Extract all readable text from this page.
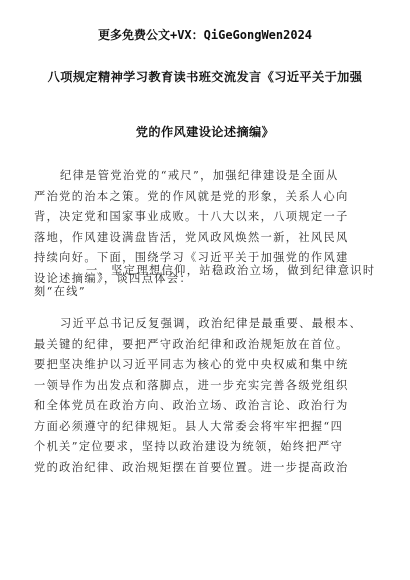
更多免费公文+VX：QiGeGongWen2024
八项规定精神学习教育读书班交流发言《习近平关于加强
党的作风建设论述摘编》
纪律是管党治党的“戒尺”，加强纪律建设是全面从
严治党的治本之策。党的作风就是党的形象，关系人心向
背，决定党和国家事业成败。十八大以来，八项规定一子
落地，作风建设满盘皆活，党风政风焕然一新，社风民风
持续向好。下面，围绕学习《习近平关于加强党的作风建
设论述摘编》，谈四点体会：
一、坚定理想信仰，站稳政治立场，做到纪律意识时
刻“在线”
习近平总书记反复强调，政治纪律是最重要、最根本、
最关键的纪律，要把严守政治纪律和政治规矩放在首位。
要把坚决维护以习近平同志为核心的党中央权威和集中统
一领导作为出发点和落脚点，进一步充实完善各级党组织
和全体党员在政治方向、政治立场、政治言论、政治行为
方面必须遵守的纪律规矩。县人大常委会将牢牢把握“四
个机关”定位要求，坚持以政治建设为统领，始终把严守
党的政治纪律、政治规矩摆在首要位置。进一步提高政治
